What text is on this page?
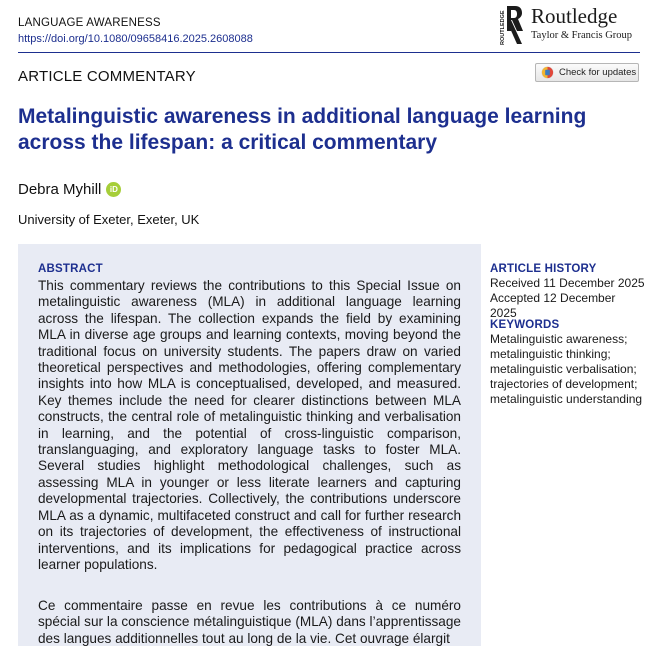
LANGUAGE AWARENESS
https://doi.org/10.1080/09658416.2025.2608088	ROUTLEDGE Routledge
Taylor & Francis Group
ARTICLE COMMENTARY	Check for updates
Metalinguistic awareness in additional language learning across the lifespan: a critical commentary
Debra Myhill	iD
University of Exeter, Exeter, UK
ABSTRACT

This commentary reviews the contributions to this Special Issue on metalinguistic awareness (MLA) in additional language learning across the lifespan. The collection expands the field by examining MLA in diverse age groups and learning contexts, moving beyond the traditional focus on university students. The papers draw on varied theoretical perspectives and methodologies, offering complementary insights into how MLA is conceptualised, developed, and measured. Key themes include the need for clearer distinctions between MLA constructs, the central role of metalinguistic thinking and verbalisation in learning, and the potential of cross-linguistic comparison, translanguaging, and exploratory language tasks to foster MLA. Several studies highlight methodological challenges, such as assessing MLA in younger or less literate learners and capturing developmental trajectories. Collectively, the contributions underscore MLA as a dynamic, multifaceted construct and call for further research on its trajectories of development, the effectiveness of instructional interventions, and its implications for pedagogical practice across learner populations.

Ce commentaire passe en revue les contributions à ce numéro spécial sur la conscience métalinguistique (MLA) dans l’apprentissage des langues additionnelles tout au long de la vie. Cet ouvrage élargit

ARTICLE HISTORY
Received 11 December 2025
Accepted 12 December 2025
KEYWORDS
Metalinguistic awareness; metalinguistic thinking; metalinguistic verbalisation; trajectories of development; metalinguistic understanding
